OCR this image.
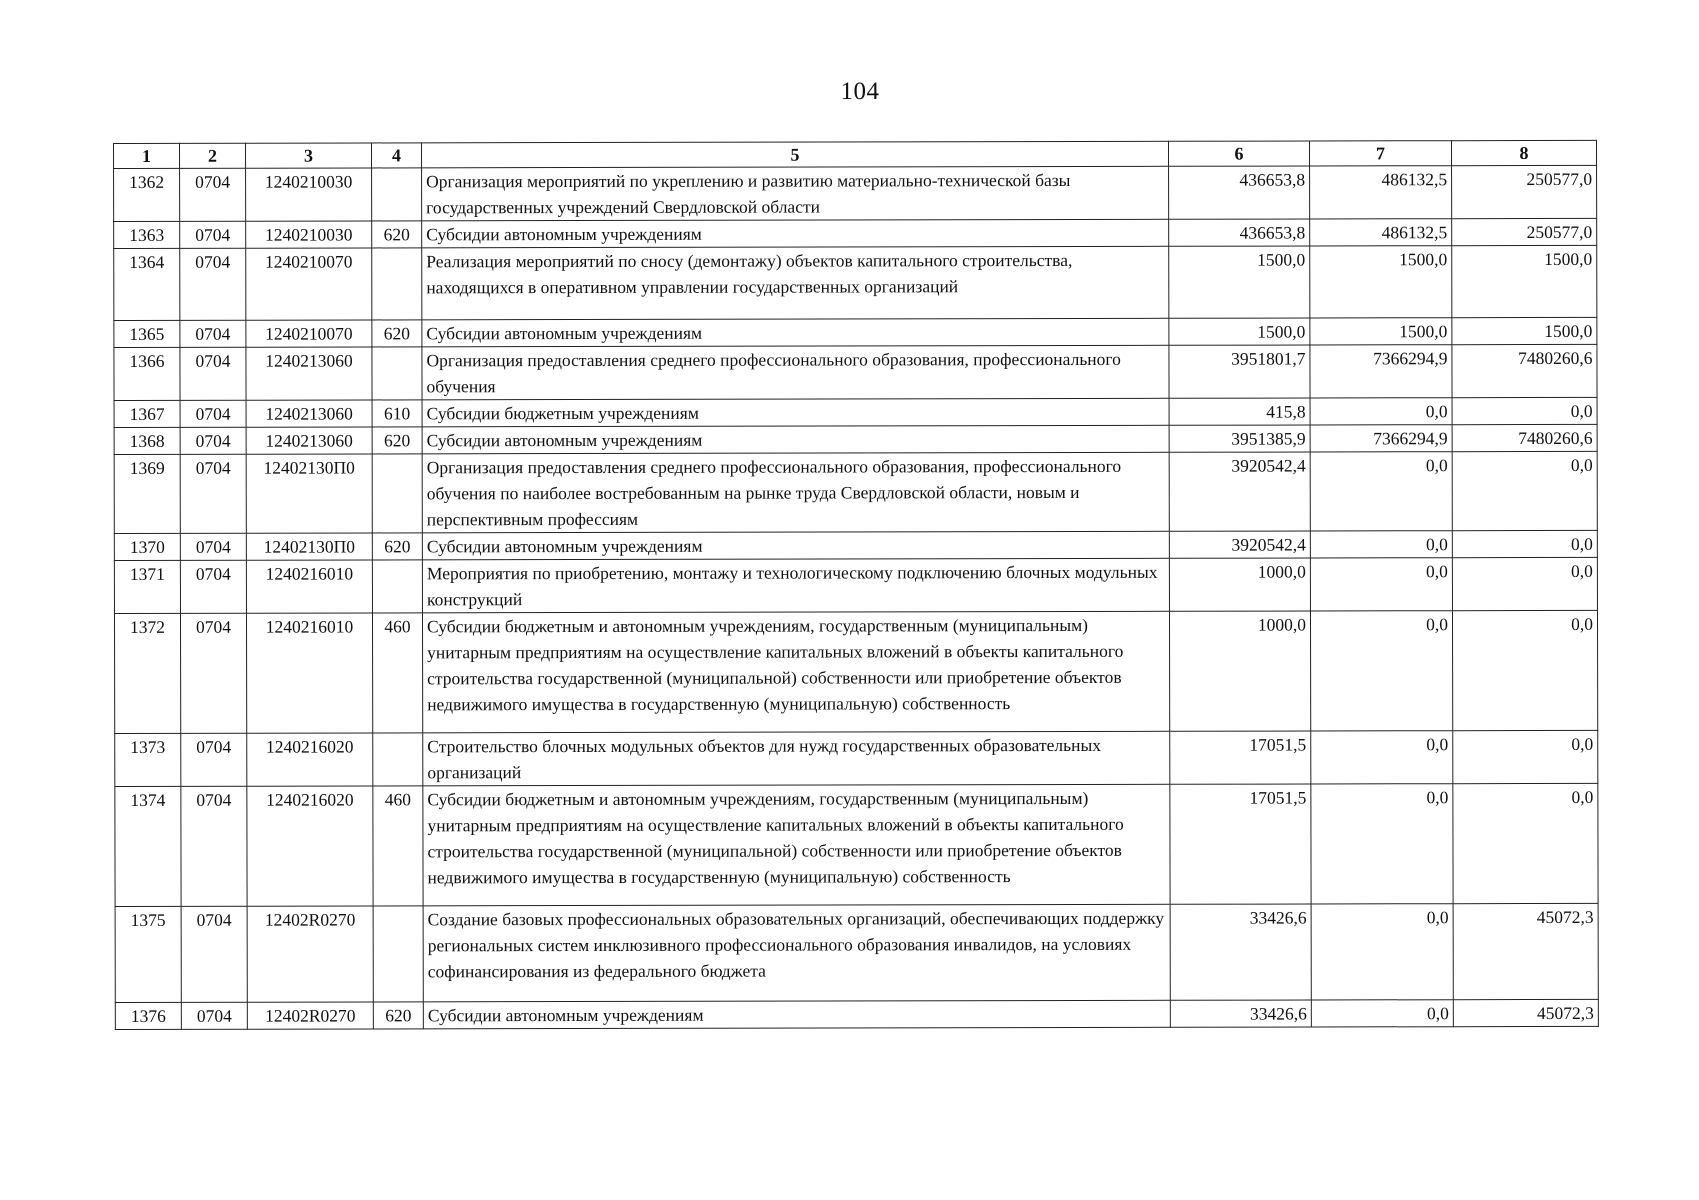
104
1	2	3	4	5	6	7	8
1362	0704	1240210030		Организация мероприятий по укреплению и развитию материально-технической базы государственных учреждений Свердловской области	436653,8	486132,5	250577,0
1363	0704	1240210030	620	Субсидии автономным учреждениям	436653,8	486132,5	250577,0
1364	0704	1240210070		Реализация мероприятий по сносу (демонтажу) объектов капитального строительства, находящихся в оперативном управлении государственных организаций	1500,0	1500,0	1500,0
1365	0704	1240210070	620	Субсидии автономным учреждениям	1500,0	1500,0	1500,0
1366	0704	1240213060		Организация предоставления среднего профессионального образования, профессионального обучения	3951801,7	7366294,9	7480260,6
1367	0704	1240213060	610	Субсидии бюджетным учреждениям	415,8	0,0	0,0
1368	0704	1240213060	620	Субсидии автономным учреждениям	3951385,9	7366294,9	7480260,6
1369	0704	12402130П0		Организация предоставления среднего профессионального образования, профессионального обучения по наиболее востребованным на рынке труда Свердловской области, новым и перспективным профессиям	3920542,4	0,0	0,0
1370	0704	12402130П0	620	Субсидии автономным учреждениям	3920542,4	0,0	0,0
1371	0704	1240216010		Мероприятия по приобретению, монтажу и технологическому подключению блочных модульных конструкций	1000,0	0,0	0,0
1372	0704	1240216010	460	Субсидии бюджетным и автономным учреждениям, государственным (муниципальным) унитарным предприятиям на осуществление капитальных вложений в объекты капитального строительства государственной (муниципальной) собственности или приобретение объектов недвижимого имущества в государственную (муниципальную) собственность	1000,0	0,0	0,0
1373	0704	1240216020		Строительство блочных модульных объектов для нужд государственных образовательных организаций	17051,5	0,0	0,0
1374	0704	1240216020	460	Субсидии бюджетным и автономным учреждениям, государственным (муниципальным) унитарным предприятиям на осуществление капитальных вложений в объекты капитального строительства государственной (муниципальной) собственности или приобретение объектов недвижимого имущества в государственную (муниципальную) собственность	17051,5	0,0	0,0
1375	0704	12402R0270		Создание базовых профессиональных образовательных организаций, обеспечивающих поддержку региональных систем инклюзивного профессионального образования инвалидов, на условиях софинансирования из федерального бюджета	33426,6	0,0	45072,3
1376	0704	12402R0270	620	Субсидии автономным учреждениям	33426,6	0,0	45072,3
